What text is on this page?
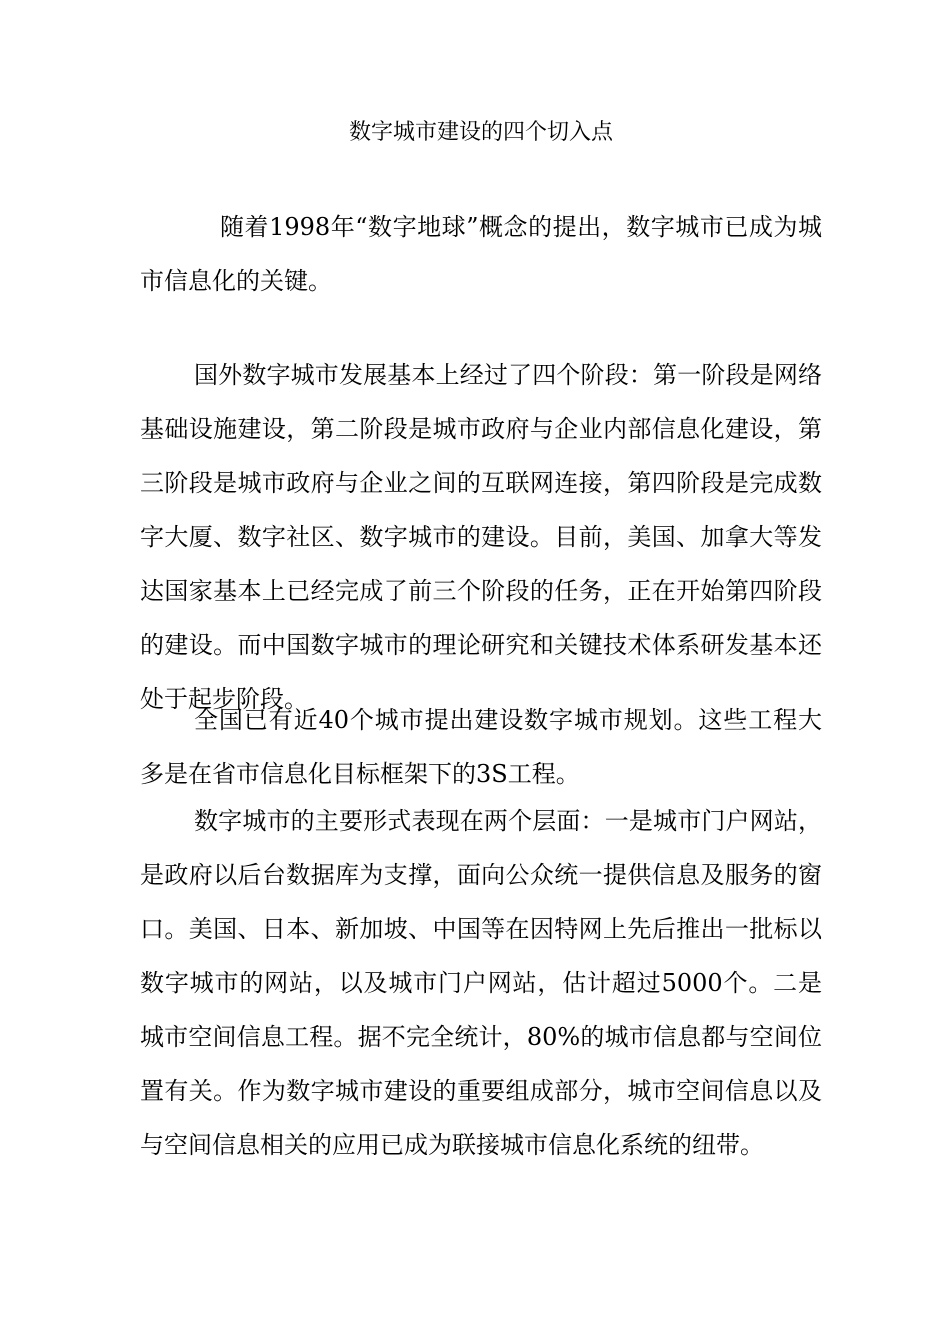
数字城市建设的四个切入点

随着1998年“数字地球”概念的提出，数字城市已成为城市信息化的关键。

国外数字城市发展基本上经过了四个阶段：第一阶段是网络基础设施建设，第二阶段是城市政府与企业内部信息化建设，第三阶段是城市政府与企业之间的互联网连接，第四阶段是完成数字大厦、数字社区、数字城市的建设。目前，美国、加拿大等发达国家基本上已经完成了前三个阶段的任务，正在开始第四阶段的建设。而中国数字城市的理论研究和关键技术体系研发基本还处于起步阶段。

全国已有近40个城市提出建设数字城市规划。这些工程大多是在省市信息化目标框架下的3S工程。

数字城市的主要形式表现在两个层面：一是城市门户网站，是政府以后台数据库为支撑，面向公众统一提供信息及服务的窗口。美国、日本、新加坡、中国等在因特网上先后推出一批标以数字城市的网站，以及城市门户网站，估计超过5000个。二是城市空间信息工程。据不完全统计，80%的城市信息都与空间位置有关。作为数字城市建设的重要组成部分，城市空间信息以及与空间信息相关的应用已成为联接城市信息化系统的纽带。
